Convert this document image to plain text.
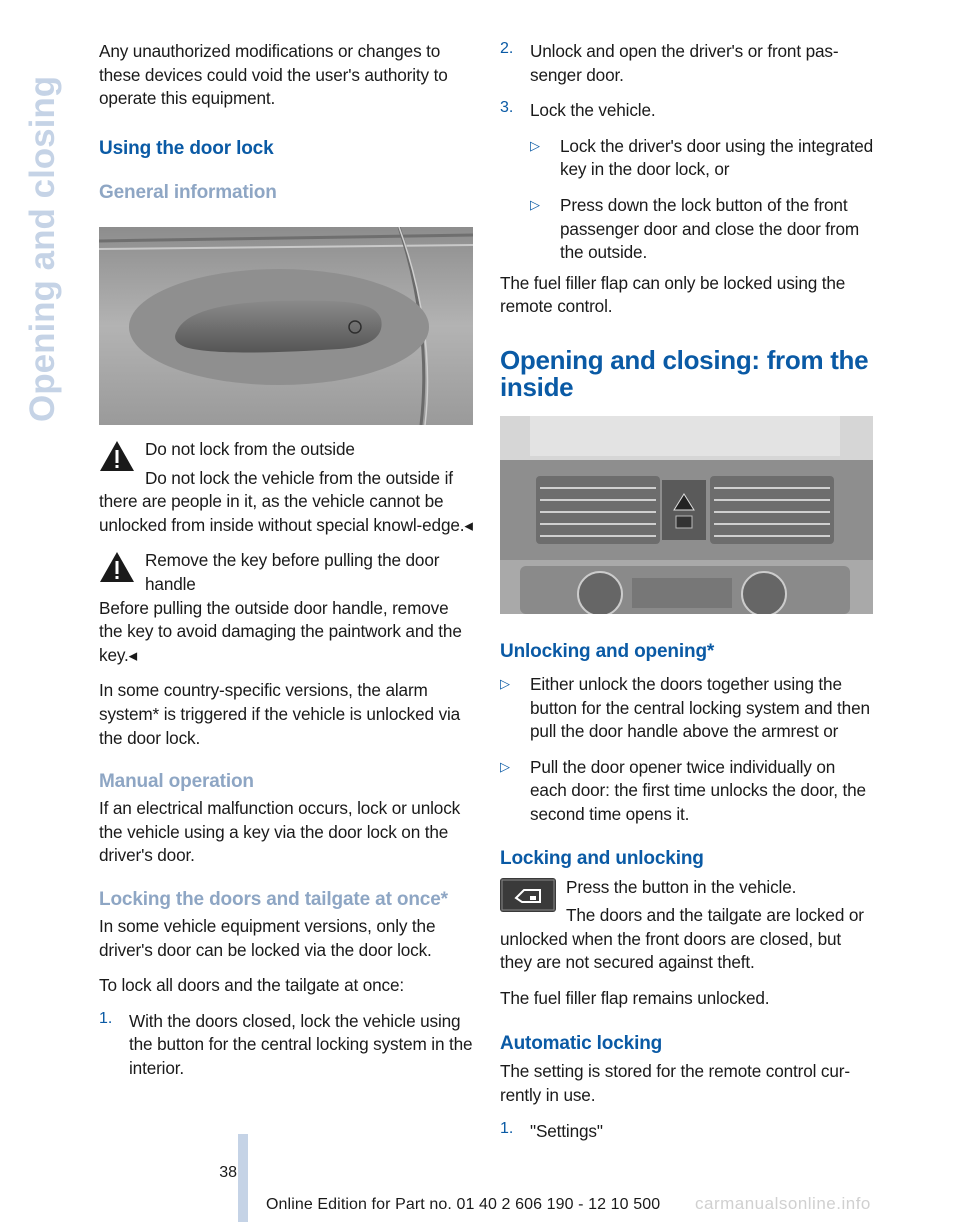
Opening and closing

Any unauthorized modifications or changes to these devices could void the user's authority to operate this equipment.

Using the door lock

General information

Do not lock from the outside

Do not lock the vehicle from the outside if

there are people in it, as the vehicle cannot be unlocked from inside without special knowl‐edge.◂

Remove the key before pulling the door handle

Before pulling the outside door handle, remove the key to avoid damaging the paintwork and the key.◂

In some country-specific versions, the alarm system* is triggered if the vehicle is unlocked via the door lock.

Manual operation

If an electrical malfunction occurs, lock or unlock the vehicle using a key via the door lock on the driver's door.

Locking the doors and tailgate at once*

In some vehicle equipment versions, only the driver's door can be locked via the door lock.

To lock all doors and the tailgate at once:

1. With the doors closed, lock the vehicle using the button for the central locking system in the interior.

2. Unlock and open the driver's or front pas‐senger door.

3. Lock the vehicle.

▷	Lock the driver's door using the integrated key in the door lock, or

▷	Press down the lock button of the front passenger door and close the door from the outside.

The fuel filler flap can only be locked using the remote control.

Opening and closing: from the inside

Unlocking and opening*

▷	Either unlock the doors together using the button for the central locking system and then pull the door handle above the armrest or

▷	Pull the door opener twice individually on each door: the first time unlocks the door, the second time opens it.

Locking and unlocking

Press the button in the vehicle.

The doors and the tailgate are locked or

unlocked when the front doors are closed, but they are not secured against theft.

The fuel filler flap remains unlocked.

Automatic locking

The setting is stored for the remote control cur‐rently in use.

1. "Settings"

38
Online Edition for Part no. 01 40 2 606 190 - 12 10 500 carmanualsonline.info
